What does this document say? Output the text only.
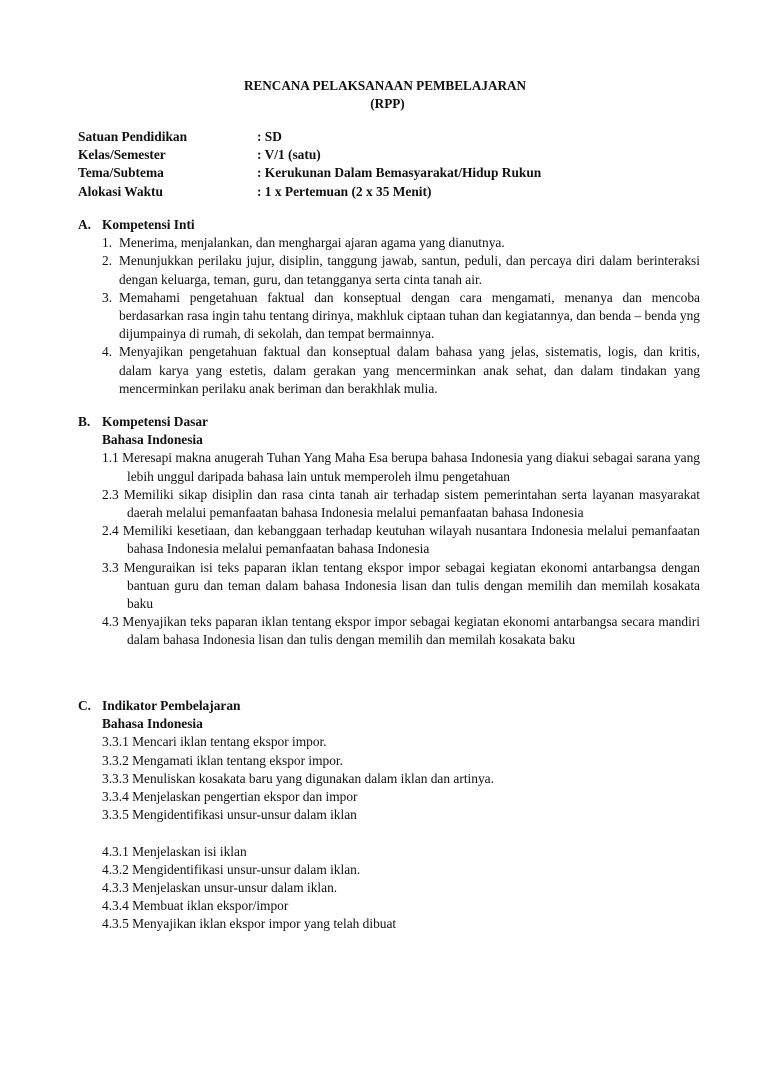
RENCANA PELAKSANAAN PEMBELAJARAN
(RPP)
Satuan Pendidikan	: SD
Kelas/Semester	: V/1 (satu)
Tema/Subtema	: Kerukunan Dalam Bemasyarakat/Hidup Rukun
Alokasi Waktu	: 1 x Pertemuan (2 x 35 Menit)
A. Kompetensi Inti
1. Menerima, menjalankan, dan menghargai ajaran agama yang dianutnya.
2. Menunjukkan perilaku jujur, disiplin, tanggung jawab, santun, peduli, dan percaya diri dalam berinteraksi dengan keluarga, teman, guru, dan tetangganya serta cinta tanah air.
3. Memahami pengetahuan faktual dan konseptual dengan cara mengamati, menanya dan mencoba berdasarkan rasa ingin tahu tentang dirinya, makhluk ciptaan tuhan dan kegiatannya, dan benda – benda yng dijumpainya di rumah, di sekolah, dan tempat bermainnya.
4. Menyajikan pengetahuan faktual dan konseptual dalam bahasa yang jelas, sistematis, logis, dan kritis, dalam karya yang estetis, dalam gerakan yang mencerminkan anak sehat, dan dalam tindakan yang mencerminkan perilaku anak beriman dan berakhlak mulia.
B. Kompetensi Dasar
Bahasa Indonesia
1.1 Meresapi makna anugerah Tuhan Yang Maha Esa berupa bahasa Indonesia yang diakui sebagai sarana yang lebih unggul daripada bahasa lain untuk memperoleh ilmu pengetahuan
2.3 Memiliki sikap disiplin dan rasa cinta tanah air terhadap sistem pemerintahan serta layanan masyarakat daerah melalui pemanfaatan bahasa Indonesia melalui pemanfaatan bahasa Indonesia
2.4 Memiliki kesetiaan, dan kebanggaan terhadap keutuhan wilayah nusantara Indonesia melalui pemanfaatan bahasa Indonesia melalui pemanfaatan bahasa Indonesia
3.3 Menguraikan isi teks paparan iklan tentang ekspor impor sebagai kegiatan ekonomi antarbangsa dengan bantuan guru dan teman dalam bahasa Indonesia lisan dan tulis dengan memilih dan memilah kosakata baku
4.3 Menyajikan teks paparan iklan tentang ekspor impor sebagai kegiatan ekonomi antarbangsa secara mandiri dalam bahasa Indonesia lisan dan tulis dengan memilih dan memilah kosakata baku
C. Indikator Pembelajaran
Bahasa Indonesia
3.3.1 Mencari iklan tentang ekspor impor.
3.3.2 Mengamati iklan tentang ekspor impor.
3.3.3 Menuliskan kosakata baru yang digunakan dalam iklan dan artinya.
3.3.4 Menjelaskan pengertian ekspor dan impor
3.3.5 Mengidentifikasi unsur-unsur dalam iklan
4.3.1 Menjelaskan isi iklan
4.3.2 Mengidentifikasi unsur-unsur dalam iklan.
4.3.3 Menjelaskan unsur-unsur dalam iklan.
4.3.4 Membuat iklan ekspor/impor
4.3.5 Menyajikan iklan ekspor impor yang telah dibuat
